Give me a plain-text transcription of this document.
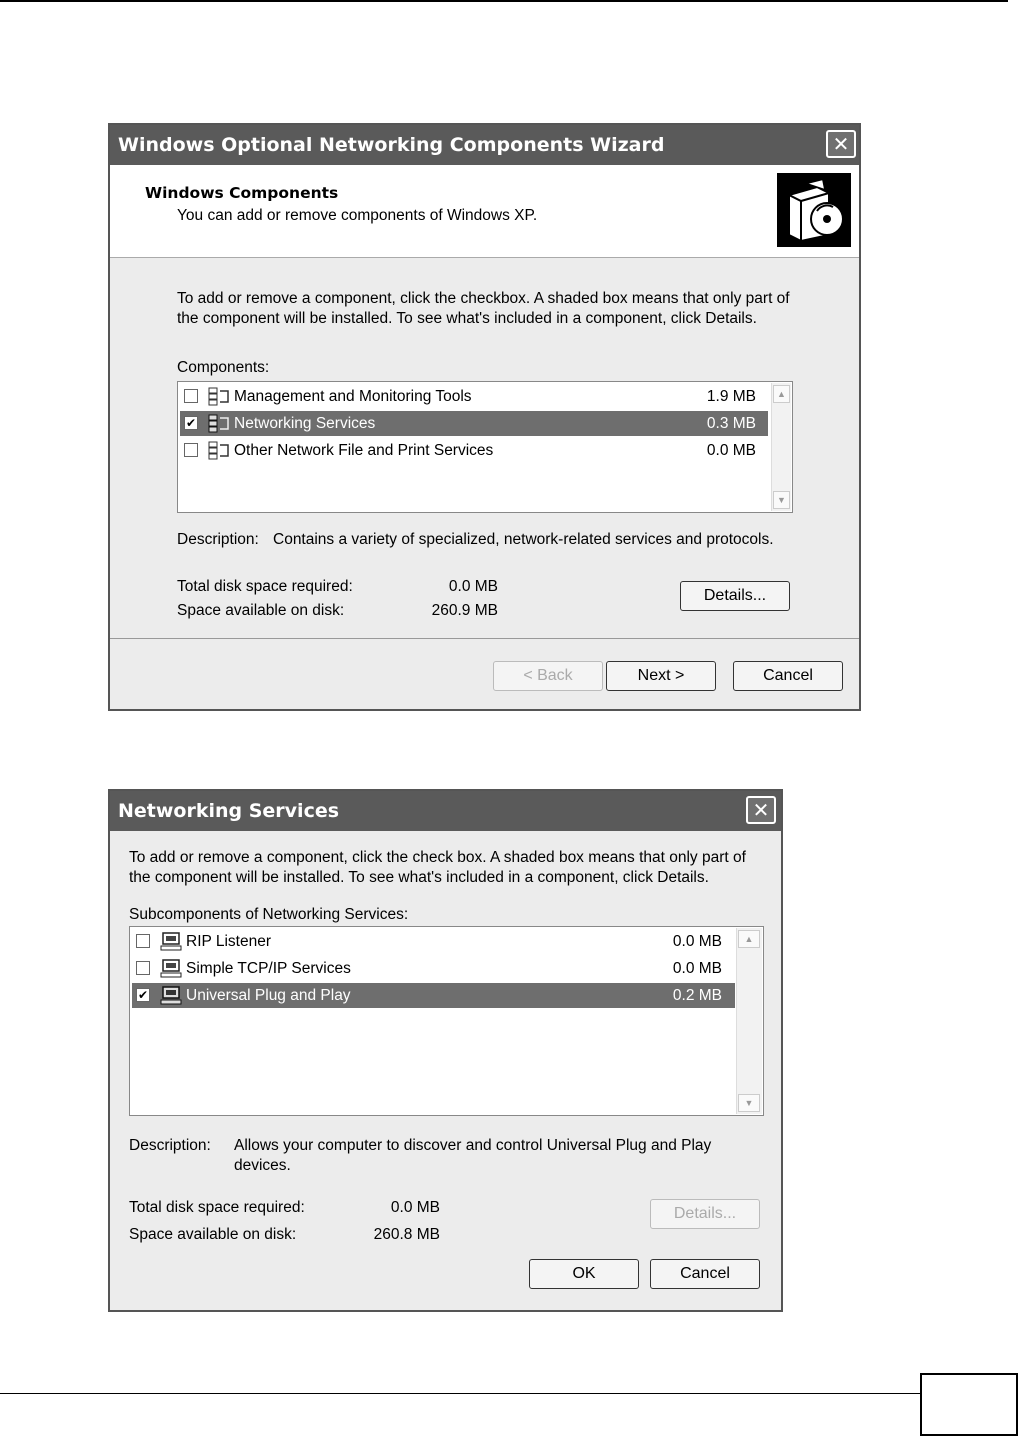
Windows Optional Networking Components Wizard	✕
Windows Components
You can add or remove components of Windows XP.
To add or remove a component, click the checkbox. A shaded box means that only part of the component will be installed. To see what's included in a component, click Details.
Components:
Management and Monitoring Tools	1.9 MB
✔ Networking Services	0.3 MB
Other Network File and Print Services	0.0 MB
▲
▼
Description: Contains a variety of specialized, network-related services and protocols.
Total disk space required:	0.0 MB
Space available on disk:	260.9 MB
Details...
< Back	Next >	Cancel
Networking Services	✕
To add or remove a component, click the check box. A shaded box means that only part of the component will be installed. To see what's included in a component, click Details.
Subcomponents of Networking Services:
RIP Listener	0.0 MB
Simple TCP/IP Services	0.0 MB
✔ Universal Plug and Play	0.2 MB
▲
▼
Description: Allows your computer to discover and control Universal Plug and Play devices.
Total disk space required:	0.0 MB
Space available on disk:	260.8 MB
Details...
OK	Cancel
